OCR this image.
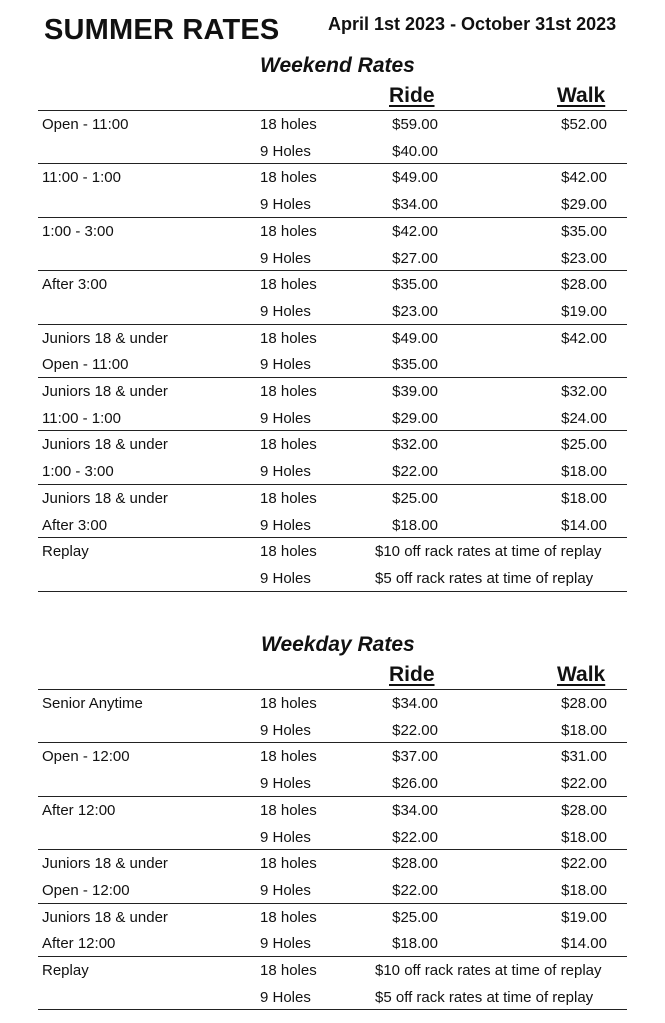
SUMMER RATES	April 1st 2023 - October 31st 2023
Weekend Rates
Ride	Walk
Open - 11:00	18 holes	$59.00	$52.00
9 Holes	$40.00
11:00 - 1:00	18 holes	$49.00	$42.00
9 Holes	$34.00	$29.00
1:00 - 3:00	18 holes	$42.00	$35.00
9 Holes	$27.00	$23.00
After 3:00	18 holes	$35.00	$28.00
9 Holes	$23.00	$19.00
Juniors 18 & under	18 holes	$49.00	$42.00
Open - 11:00	9 Holes	$35.00
Juniors 18 & under	18 holes	$39.00	$32.00
11:00 - 1:00	9 Holes	$29.00	$24.00
Juniors 18 & under	18 holes	$32.00	$25.00
1:00 - 3:00	9 Holes	$22.00	$18.00
Juniors 18 & under	18 holes	$25.00	$18.00
After 3:00	9 Holes	$18.00	$14.00
Replay	18 holes	$10 off rack rates at time of replay
9 Holes	$5 off rack rates at time of replay
Weekday Rates
Ride	Walk
Senior Anytime	18 holes	$34.00	$28.00
9 Holes	$22.00	$18.00
Open - 12:00	18 holes	$37.00	$31.00
9 Holes	$26.00	$22.00
After 12:00	18 holes	$34.00	$28.00
9 Holes	$22.00	$18.00
Juniors 18 & under	18 holes	$28.00	$22.00
Open - 12:00	9 Holes	$22.00	$18.00
Juniors 18 & under	18 holes	$25.00	$19.00
After 12:00	9 Holes	$18.00	$14.00
Replay	18 holes	$10 off rack rates at time of replay
9 Holes	$5 off rack rates at time of replay
